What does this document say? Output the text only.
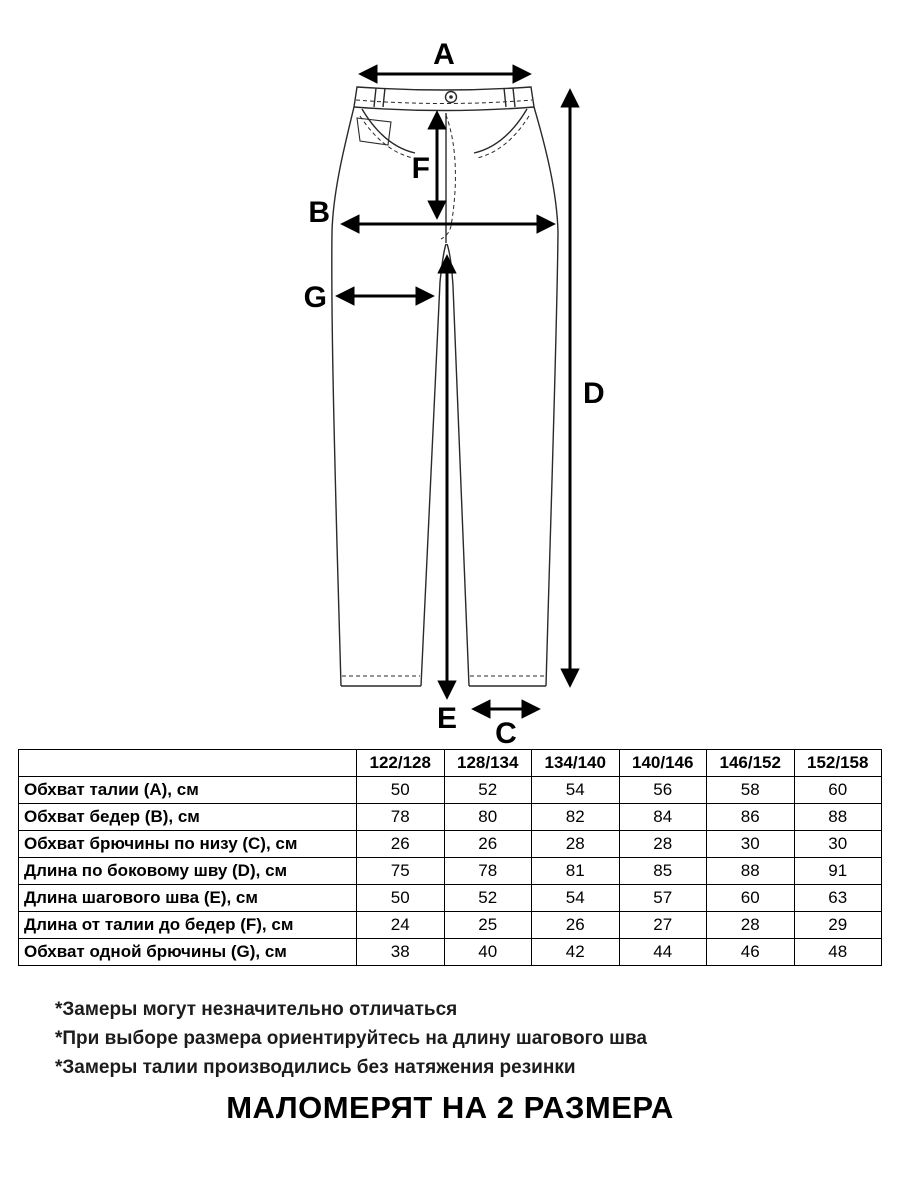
A
F
B
G
D
E C
	122/128	128/134	134/140	140/146	146/152	152/158
Обхват талии (A), см	50	52	54	56	58	60
Обхват бедер (B), см	78	80	82	84	86	88
Обхват брючины по низу (C), см	26	26	28	28	30	30
Длина по боковому шву (D), см	75	78	81	85	88	91
Длина шагового шва (E), см	50	52	54	57	60	63
Длина от талии до бедер (F), см	24	25	26	27	28	29
Обхват одной брючины (G), см	38	40	42	44	46	48
*Замеры могут незначительно отличаться
*При выборе размера ориентируйтесь на длину шагового шва
*Замеры талии производились без натяжения резинки
МАЛОМЕРЯТ НА 2 РАЗМЕРА
